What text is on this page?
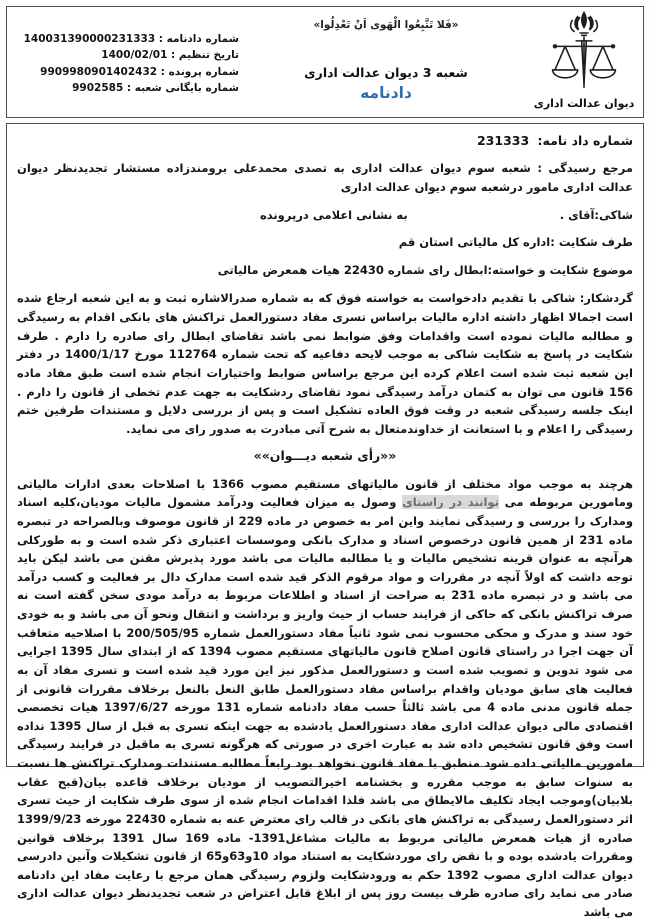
شماره دادنامه : 140031390000231333
تاریخ تنظیم : 1400/02/01
شماره پرونده : 9909980901402432
شماره بایگانی شعبه : 9902585
«فَلا تَتَّبِعُوا الْهَوی اَنْ تَعْدِلُوا»
شعبه 3 دیوان عدالت اداری
دادنامه
دیوان عدالت اداری
شماره داد نامه: 231333
مرجع رسیدگی : شعبه سوم دیوان عدالت اداری به تصدی محمدعلی برومندزاده مستشار تجدیدنظر دیوان عدالت اداری مامور درشعبه سوم دیوان عدالت اداری
شاکی:آقای . به نشانی اعلامی درپرونده
طرف شکایت :اداره کل مالیاتی استان قم
موضوع شکایت و خواسته:ابطال رای شماره 22430 هیات همعرض مالیاتی
گردشکار: شاکی با تقدیم دادخواست به خواسته فوق که به شماره صدرالاشاره ثبت و به این شعبه ارجاع شده است اجمالا اظهار داشته اداره مالیات براساس تسری مفاد دستورالعمل تراکنش های بانکی اقدام به رسیدگی و مطالبه مالیات نموده است واقدامات وفق ضوابط نمی باشد تقاضای ابطال رای صادره را دارم . طرف شکایت در پاسخ به شکایت شاکی به موجب لایحه دفاعیه که تحت شماره 112764 مورخ 1400/1/17 در دفتر این شعبه ثبت شده است اعلام کرده این مرجع براساس ضوابط واختیارات انجام شده است طبق مفاد ماده 156 قانون می توان به کتمان درآمد رسیدگی نمود تقاضای ردشکایت به جهت عدم تخطی از قانون را دارم . اینک جلسه رسیدگی شعبه در وقت فوق العاده تشکیل است و پس از بررسی دلایل و مستندات طرفین ختم رسیدگی را اعلام و با استعانت از خداوندمتعال به شرح آتی مبادرت به صدور رای می نماید.
««رأی شعبه دیـــوان»»
هرچند به موجب مواد مختلف از قانون مالیاتهای مستقیم مصوب 1366 با اصلاحات بعدی ادارات مالیاتی ومامورین مربوطه می توانند در راستای وصول به میزان فعالیت ودرآمد مشمول مالیات مودیان،کلیه اسناد ومدارک را بررسی و رسیدگی نمایند واین امر به خصوص در ماده 229 از قانون موصوف وبالصراحه در تبصره ماده 231 از همین قانون درخصوص اسناد و مدارک بانکی وموسسات اعتباری ذکر شده است و به طورکلی هرآنچه به عنوان قرینه تشخیص مالیات و یا مطالبه مالیات می باشد مورد پذیرش مقنن می باشد لیکن باید توجه داشت که اولاً آنچه در مقررات و مواد مرقوم الذکر قید شده است مدارک دال بر فعالیت و کسب درآمد می باشد و در تبصره ماده 231 به صراحت از اسناد و اطلاعات مربوط به درآمد مودی سخن گفته است نه صرف تراکنش بانکی که حاکی از فرایند حساب از حیث واریز و برداشت و انتقال ونحو آن می باشد و به خودی خود سند و مدرک و محکی محسوب نمی شود ثانیاً مفاد دستورالعمل شماره 200/505/95 با اصلاحیه متعاقب آن جهت اجرا در راستای قانون اصلاح قانون مالیاتهای مستقیم مصوب 1394 که از ابتدای سال 1395 اجرایی می شود تدوین و تصویب شده است و دستورالعمل مذکور نیز این مورد قید شده است و تسری مفاد آن به فعالیت های سابق مودیان واقدام براساس مفاد دستورالعمل طابق النعل بالنعل برخلاف مقررات قانونی از جمله قانون مدنی ماده 4 می باشد ثالثاً حسب مفاد دادنامه شماره 131 مورخه 1397/6/27 هیات تخصصی اقتصادی مالی دیوان عدالت اداری مفاد دستورالعمل یادشده به جهت اینکه تسری به قبل از سال 1395 نداده است وفق قانون تشخیص داده شد به عبارت اخری در صورتی که هرگونه تسری به ماقبل در فرایند رسیدگی مامورین مالیاتی داده شود منطبق با مفاد قانون نخواهد بود رابعاً مطالبه مستندات ومدارک تراکنش ها نسبت به سنوات سابق به موجب مقرره و بخشنامه اخیرالتصویب از مودیان برخلاف قاعده بیان(قبح عقاب بلابیان)وموجب ایجاد تکلیف مالایطاق می باشد فلذا اقدامات انجام شده از سوی طرف شکایت از حیث تسری اثر دستورالعمل رسیدگی به تراکنش های بانکی در قالب رای معترض عنه به شماره 22430 مورخه 1399/9/23 صادره از هیات همعرض مالیاتی مربوط به مالیات مشاغل1391- ماده 169 سال 1391 برخلاف قوانین ومقررات یادشده بوده و با نقض رای موردشکایت به استناد مواد 10و63و65 از قانون تشکیلات وآنین دادرسی دیوان عدالت اداری مصوب 1392 حکم به ورودشکایت ولزوم رسیدگی همان مرجع با رعایت مفاد این دادنامه صادر می نماید رای صادره ظرف بیست روز پس از ابلاغ قابل اعتراض در شعب تجدیدنظر دیوان عدالت اداری می باشد
